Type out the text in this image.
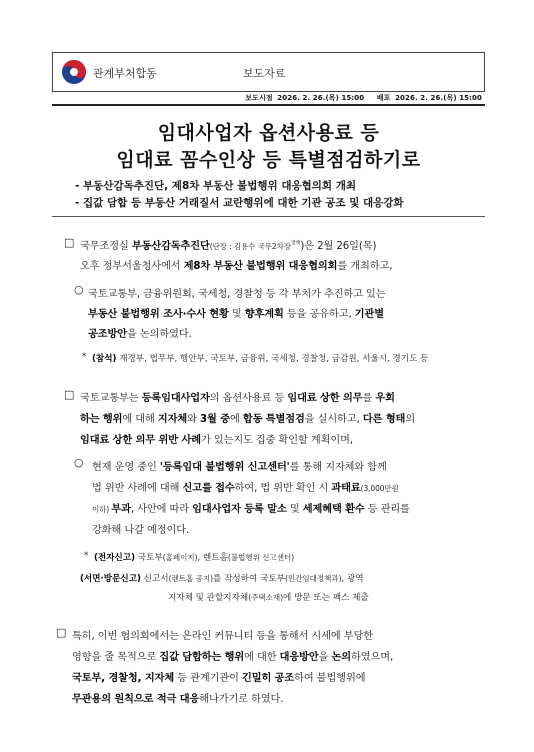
관계부처합동	보도자료
보도시점 2026. 2. 26.(목) 15:00 배포 2026. 2. 26.(목) 15:00
임대사업자 옵션사용료 등
임대료 꼼수인상 등 특별점검하기로
- 부동산감독추진단, 제8차 부동산 불법행위 대응협의회 개최
- 집값 담합 등 부동산 거래질서 교란행위에 대한 기관 공조 및 대응강화
□ 국무조정실 부동산감독추진단(단장 : 김용수 국무2차장$^{정책}$)은 2월 26일(목)
오후 정부서울청사에서 제8차 부동산 불법행위 대응협의회를 개최하고,
○ 국토교통부, 금융위원회, 국세청, 경찰청 등 각 부처가 추진하고 있는
부동산 불법행위 조사·수사 현황 및 향후계획 등을 공유하고, 기관별
공조방안을 논의하였다.
* (참석) 재경부, 법무부, 행안부, 국토부, 금융위, 국세청, 경찰청, 금감원, 서울시, 경기도 등
□ 국토교통부는 등록임대사업자의 옵션사용료 등 임대료 상한 의무를 우회
하는 행위에 대해 지자체와 3월 중에 합동 특별점검을 실시하고, 다른 형태의
임대료 상한 의무 위반 사례가 있는지도 집중 확인할 계획이며,
○ 현재 운영 중인 '등록임대 불법행위 신고센터'를 통해 지자체와 함께
법 위반 사례에 대해 신고를 접수하여, 법 위반 확인 시 과태료(3,000만원
이하) 부과, 사안에 따라 임대사업자 등록 말소 및 세제혜택 환수 등 관리를
강화해 나갈 예정이다.
* (전자신고) 국토부(홈페이지), 렌트홈(불법행위 신고센터)
(서면·방문신고) 신고서(렌트홈 공지)를 작성하여 국토부(민간임대정책과), 광역
지자체 및 관할지자체(주택소재)에 방문 또는 팩스 제출
□ 특히, 이번 협의회에서는 온라인 커뮤니티 등을 통해서 시세에 부당한
영향을 줄 목적으로 집값 담합하는 행위에 대한 대응방안을 논의하였으며,
국토부, 경찰청, 지자체 등 관계기관이 긴밀히 공조하여 불법행위에
무관용의 원칙으로 적극 대응해나가기로 하였다.
